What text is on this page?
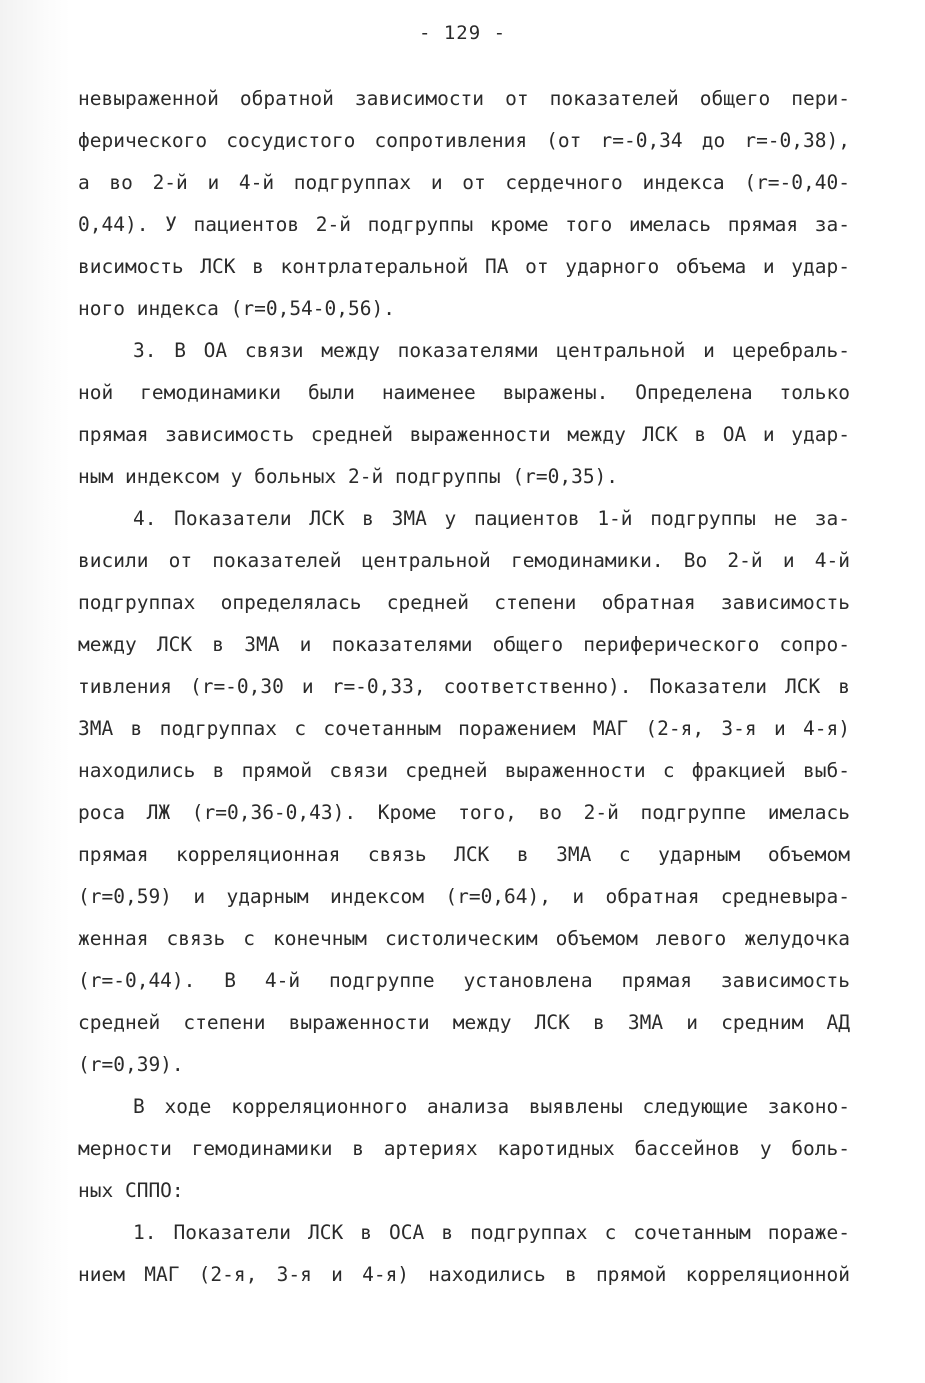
- 129 -
невыраженной обратной зависимости от показателей общего пери-
ферического сосудистого сопротивления (от r=-0,34 до r=-0,38),
а во 2-й и 4-й подгруппах и от сердечного индекса (r=-0,40-
0,44). У пациентов 2-й подгруппы кроме того имелась прямая за-
висимость ЛСК в контрлатеральной ПА от ударного объема и удар-
ного индекса (r=0,54-0,56).
3. В ОА связи между показателями центральной и церебраль-
ной гемодинамики были наименее выражены. Определена только
прямая зависимость средней выраженности между ЛСК в ОА и удар-
ным индексом у больных 2-й подгруппы (r=0,35).
4. Показатели ЛСК в ЗМА у пациентов 1-й подгруппы не за-
висили от показателей центральной гемодинамики. Во 2-й и 4-й
подгруппах определялась средней степени обратная зависимость
между ЛСК в ЗМА и показателями общего периферического сопро-
тивления (r=-0,30 и r=-0,33, соответственно). Показатели ЛСК в
ЗМА в подгруппах с сочетанным поражением МАГ (2-я, 3-я и 4-я)
находились в прямой связи средней выраженности с фракцией выб-
роса ЛЖ (r=0,36-0,43). Кроме того, во 2-й подгруппе имелась
прямая корреляционная связь ЛСК в ЗМА с ударным объемом
(r=0,59) и ударным индексом (r=0,64), и обратная средневыра-
женная связь с конечным систолическим объемом левого желудочка
(r=-0,44). В 4-й подгруппе установлена прямая зависимость
средней степени выраженности между ЛСК в ЗМА и средним АД
(r=0,39).
В ходе корреляционного анализа выявлены следующие законо-
мерности гемодинамики в артериях каротидных бассейнов у боль-
ных СППО:
1. Показатели ЛСК в ОСА в подгруппах с сочетанным пораже-
нием МАГ (2-я, 3-я и 4-я) находились в прямой корреляционной
